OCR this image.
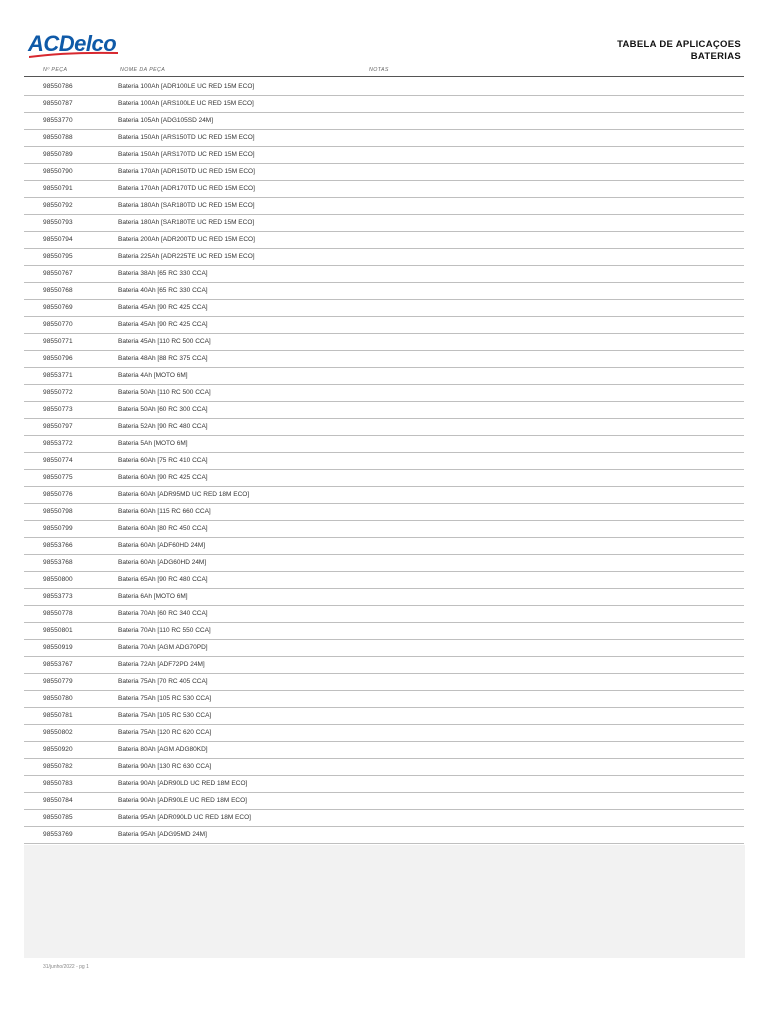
ACDelco	TABELA DE APLICAÇOES
BATERIAS
Nº PEÇA	NOME DA PEÇA	NOTAS
98550786	Bateria 100Ah [ADR100LE UC RED 15M ECO]
98550787	Bateria 100Ah [ARS100LE UC RED 15M ECO]
98553770	Bateria 105Ah [ADG105SD 24M]
98550788	Bateria 150Ah [ARS150TD UC RED 15M ECO]
98550789	Bateria 150Ah [ARS170TD UC RED 15M ECO]
98550790	Bateria 170Ah [ADR150TD UC RED 15M ECO]
98550791	Bateria 170Ah [ADR170TD UC RED 15M ECO]
98550792	Bateria 180Ah [SAR180TD UC RED 15M ECO]
98550793	Bateria 180Ah [SAR180TE UC RED 15M ECO]
98550794	Bateria 200Ah [ADR200TD UC RED 15M ECO]
98550795	Bateria 225Ah [ADR225TE UC RED 15M ECO]
98550767	Bateria 38Ah [65 RC 330 CCA]
98550768	Bateria 40Ah [65 RC 330 CCA]
98550769	Bateria 45Ah [90 RC 425 CCA]
98550770	Bateria 45Ah [90 RC 425 CCA]
98550771	Bateria 45Ah [110 RC 500 CCA]
98550796	Bateria 48Ah [88 RC 375 CCA]
98553771	Bateria 4Ah [MOTO 6M]
98550772	Bateria 50Ah [110 RC 500 CCA]
98550773	Bateria 50Ah [60 RC 300 CCA]
98550797	Bateria 52Ah [90 RC 480 CCA]
98553772	Bateria 5Ah [MOTO 6M]
98550774	Bateria 60Ah [75 RC 410 CCA]
98550775	Bateria 60Ah [90 RC 425 CCA]
98550776	Bateria 60Ah [ADR95MD UC RED 18M ECO]
98550798	Bateria 60Ah [115 RC 660 CCA]
98550799	Bateria 60Ah [80 RC 450 CCA]
98553766	Bateria 60Ah [ADF60HD 24M]
98553768	Bateria 60Ah [ADG60HD 24M]
98550800	Bateria 65Ah [90 RC 480 CCA]
98553773	Bateria 6Ah [MOTO 6M]
98550778	Bateria 70Ah [60 RC 340 CCA]
98550801	Bateria 70Ah [110 RC 550 CCA]
98550919	Bateria 70Ah [AGM ADG70PD]
98553767	Bateria 72Ah [ADF72PD 24M]
98550779	Bateria 75Ah [70 RC 405 CCA]
98550780	Bateria 75Ah [105 RC 530 CCA]
98550781	Bateria 75Ah [105 RC 530 CCA]
98550802	Bateria 75Ah [120 RC 620 CCA]
98550920	Bateria 80Ah [AGM ADG80KD]
98550782	Bateria 90Ah [130 RC 630 CCA]
98550783	Bateria 90Ah [ADR90LD UC RED 18M ECO]
98550784	Bateria 90Ah [ADR90LE UC RED 18M ECO]
98550785	Bateria 95Ah [ADR090LD UC RED 18M ECO]
98553769	Bateria 95Ah [ADG95MD 24M]
31/junho/2022 - pg 1
